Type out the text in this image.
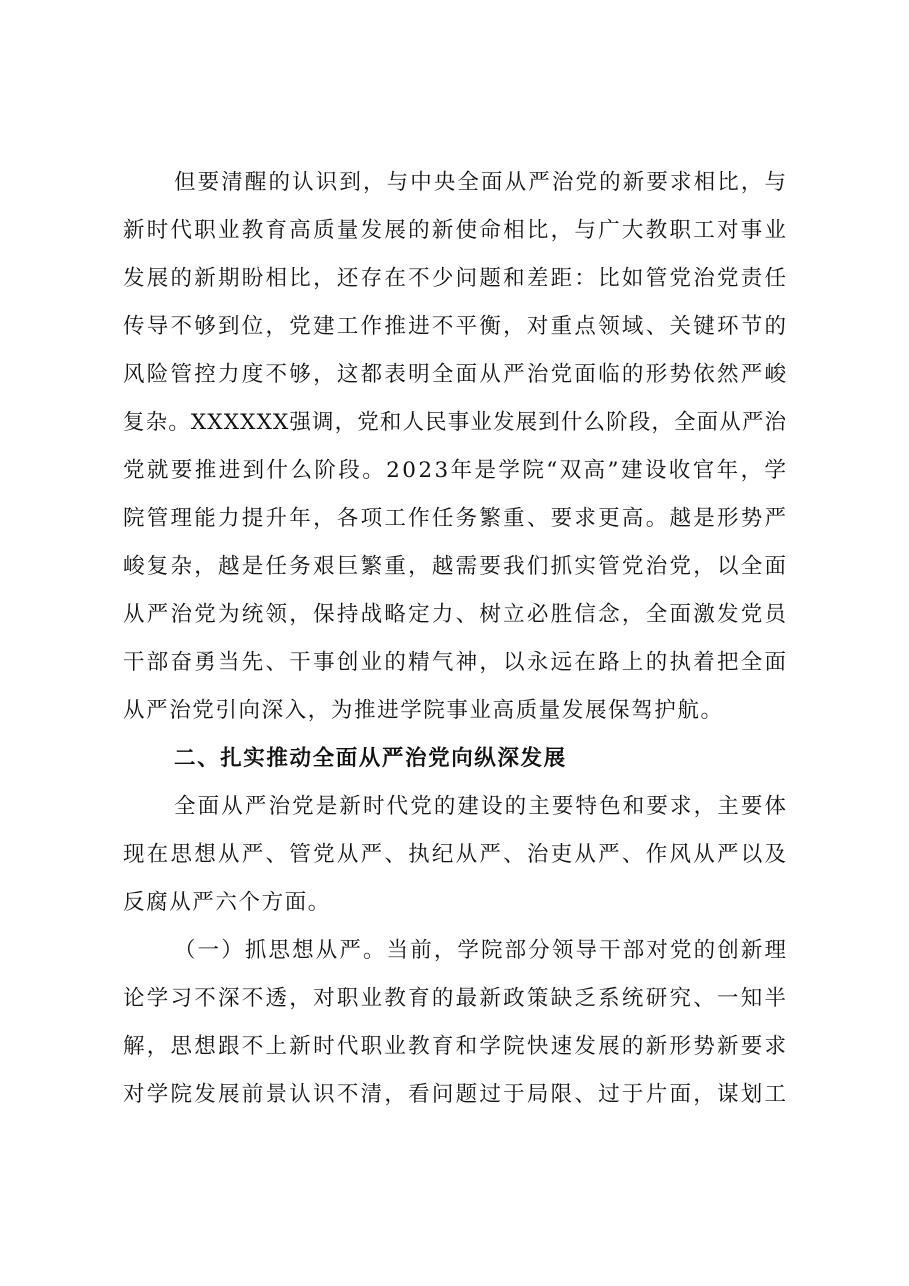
但要清醒的认识到，与中央全面从严治党的新要求相比，与
新时代职业教育高质量发展的新使命相比，与广大教职工对事业
发展的新期盼相比，还存在不少问题和差距：比如管党治党责任
传导不够到位，党建工作推进不平衡，对重点领域、关键环节的
风险管控力度不够，这都表明全面从严治党面临的形势依然严峻
复杂。XXXXXX强调，党和人民事业发展到什么阶段，全面从严治
党就要推进到什么阶段。2023年是学院“双高”建设收官年，学
院管理能力提升年，各项工作任务繁重、要求更高。越是形势严
峻复杂，越是任务艰巨繁重，越需要我们抓实管党治党，以全面
从严治党为统领，保持战略定力、树立必胜信念，全面激发党员
干部奋勇当先、干事创业的精气神，以永远在路上的执着把全面
从严治党引向深入，为推进学院事业高质量发展保驾护航。
二、扎实推动全面从严治党向纵深发展
全面从严治党是新时代党的建设的主要特色和要求，主要体
现在思想从严、管党从严、执纪从严、治吏从严、作风从严以及
反腐从严六个方面。
（一）抓思想从严。当前，学院部分领导干部对党的创新理
论学习不深不透，对职业教育的最新政策缺乏系统研究、一知半
解，思想跟不上新时代职业教育和学院快速发展的新形势新要求
对学院发展前景认识不清，看问题过于局限、过于片面，谋划工
